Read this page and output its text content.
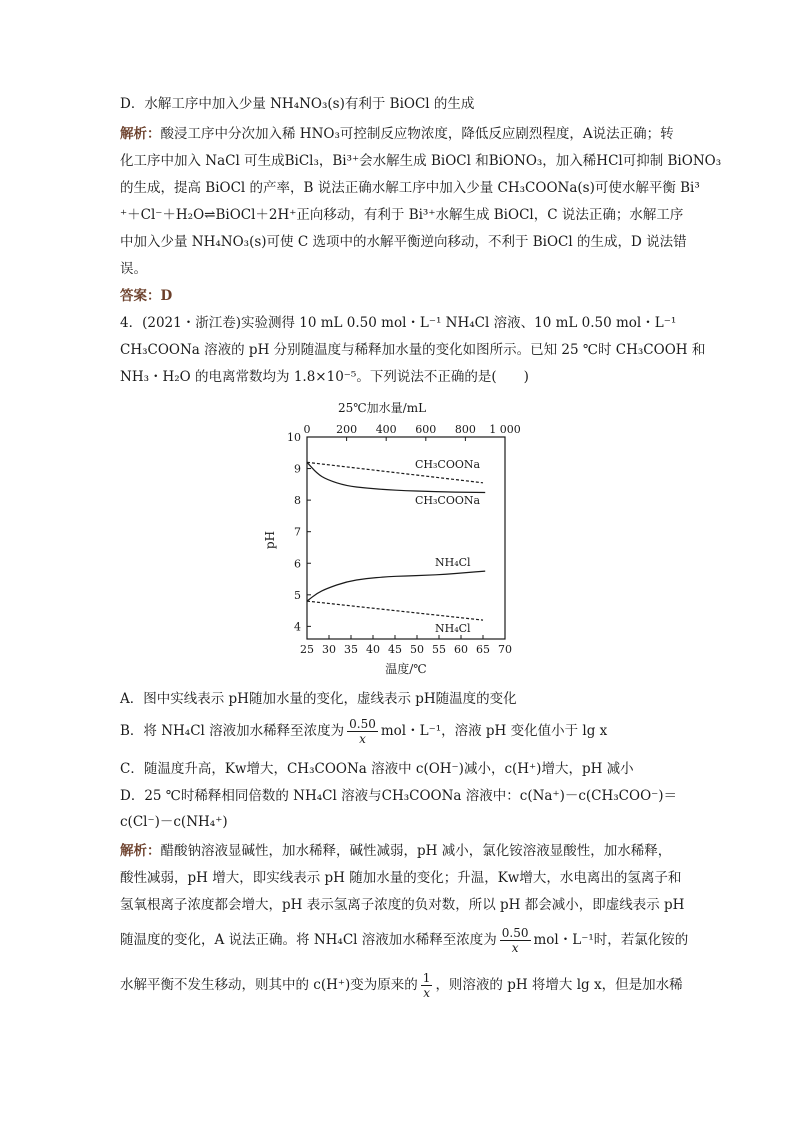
D．水解工序中加入少量 NH₄NO₃(s)有利于 BiOCl 的生成
解析：酸浸工序中分次加入稀 HNO₃可控制反应物浓度，降低反应剧烈程度，A说法正确；转
化工序中加入 NaCl 可生成BiCl₃，Bi³⁺会水解生成 BiOCl 和BiONO₃，加入稀HCl可抑制 BiONO₃
的生成，提高 BiOCl 的产率，B 说法正确水解工序中加入少量 CH₃COONa(s)可使水解平衡 Bi³
⁺＋Cl⁻＋H₂O⇌BiOCl＋2H⁺正向移动，有利于 Bi³⁺水解生成 BiOCl，C 说法正确；水解工序
中加入少量 NH₄NO₃(s)可使 C 选项中的水解平衡逆向移动，不利于 BiOCl 的生成，D 说法错
误。
答案：D
4．(2021・浙江卷)实验测得 10 mL 0.50 mol・L⁻¹ NH₄Cl 溶液、10 mL 0.50 mol・L⁻¹
CH₃COONa 溶液的 pH 分别随温度与稀释加水量的变化如图所示。已知 25 ℃时 CH₃COOH 和
NH₃・H₂O 的电离常数均为 1.8×10⁻⁵。下列说法不正确的是(　　)
25℃加水量/mL
25 30 35 40 45 50 55 60 65 70
0 200 400 600 800 1 000
4
5
6
7
8
9
10
pH
温度/℃
CH₃COONa
CH₃COONa
NH₄Cl
NH₄Cl
A．图中实线表示 pH随加水量的变化，虚线表示 pH随温度的变化
B．将 NH₄Cl 溶液加水稀释至浓度为 $\frac{0.50}{x}$ mol・L⁻¹，溶液 pH 变化值小于 lg x
C．随温度升高，Kw增大，CH₃COONa 溶液中 c(OH⁻)减小，c(H⁺)增大，pH 减小
D．25 ℃时稀释相同倍数的 NH₄Cl 溶液与CH₃COONa 溶液中：c(Na⁺)－c(CH₃COO⁻)＝
c(Cl⁻)－c(NH₄⁺)
解析：醋酸钠溶液显碱性，加水稀释，碱性减弱，pH 减小，氯化铵溶液显酸性，加水稀释，
酸性减弱，pH 增大，即实线表示 pH 随加水量的变化；升温，Kw增大，水电离出的氢离子和
氢氧根离子浓度都会增大，pH 表示氢离子浓度的负对数，所以 pH 都会减小，即虚线表示 pH
随温度的变化，A 说法正确。将 NH₄Cl 溶液加水稀释至浓度为 $\frac{0.50}{x}$ mol・L⁻¹时，若氯化铵的
水解平衡不发生移动，则其中的 c(H⁺)变为原来的 $\frac{1}{x}$ ，则溶液的 pH 将增大 lg x，但是加水稀
